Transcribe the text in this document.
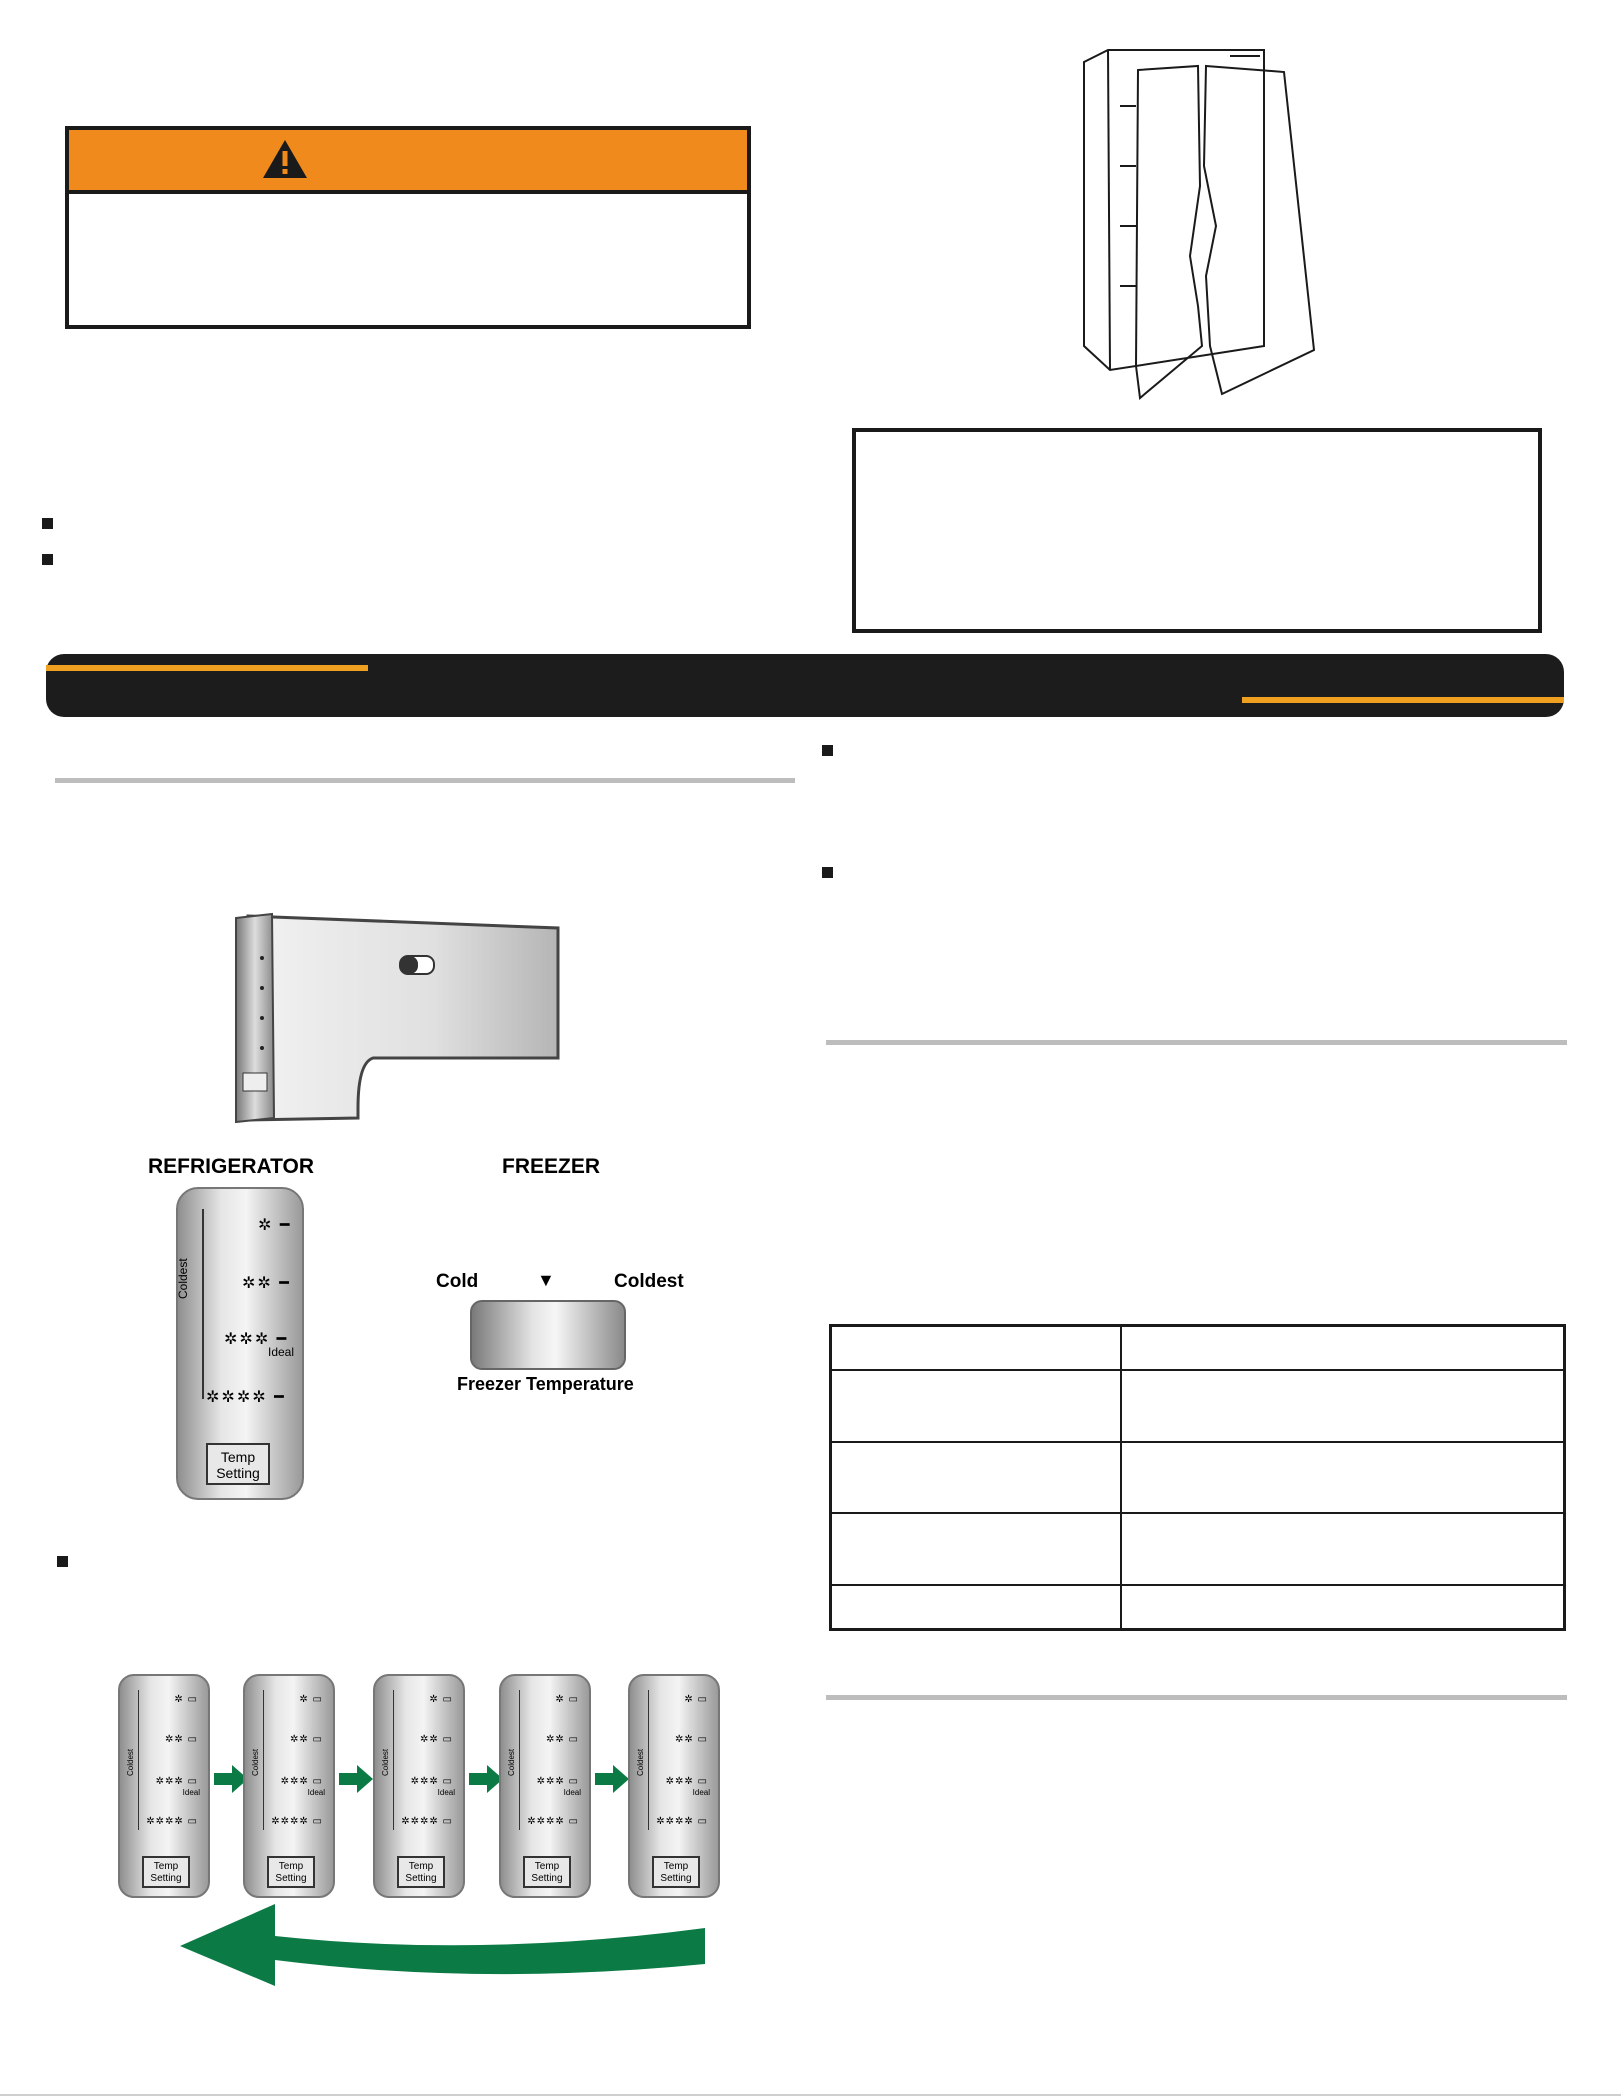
REFRIGERATOR	FREEZER
Coldest
✲ ━
✲✲ ━
✲✲✲ ━
Ideal
✲✲✲✲ ━
Temp
Setting
Cold	▼	Coldest
Freezer Temperature
✲ ▭
✲✲ ▭
✲✲✲ ▭
✲✲✲✲ ▭
Coldest
Ideal
Temp
Setting
✲ ▭
✲✲ ▭
✲✲✲ ▭
✲✲✲✲ ▭
Coldest
Ideal
Temp
Setting
✲ ▭
✲✲ ▭
✲✲✲ ▭
✲✲✲✲ ▭
Coldest
Ideal
Temp
Setting
✲ ▭
✲✲ ▭
✲✲✲ ▭
✲✲✲✲ ▭
Coldest
Ideal
Temp
Setting
✲ ▭
✲✲ ▭
✲✲✲ ▭
✲✲✲✲ ▭
Coldest
Ideal
Temp
Setting
